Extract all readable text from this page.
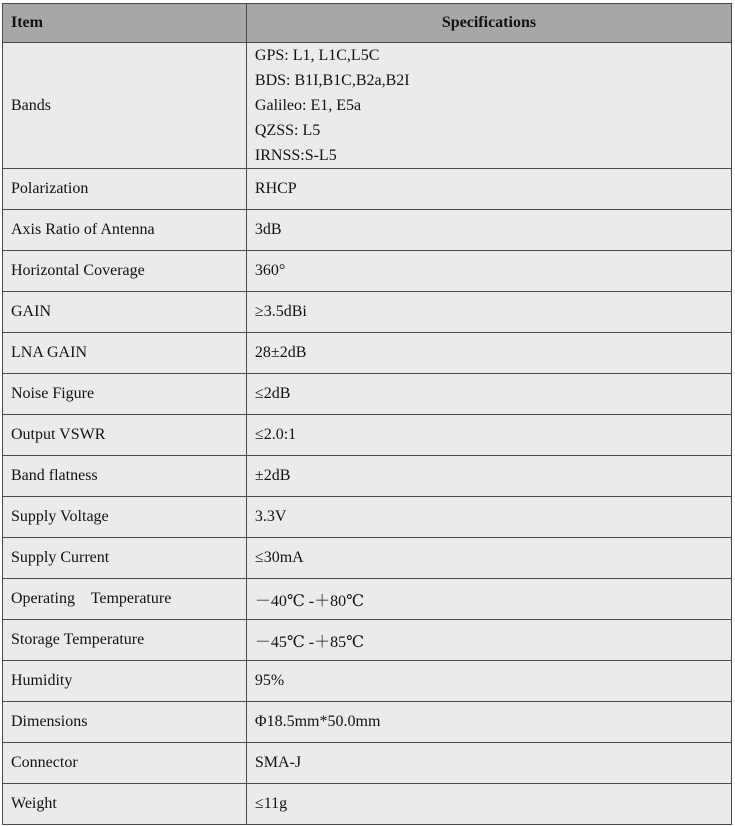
Item	Specifications
Bands	GPS: L1, L1C,L5C
BDS: B1I,B1C,B2a,B2I
Galileo: E1, E5a
QZSS: L5
IRNSS:S-L5

Polarization	RHCP
Axis Ratio of Antenna	3dB
Horizontal Coverage	360°
GAIN	≥3.5dBi
LNA GAIN	28±2dB
Noise Figure	≤2dB
Output VSWR	≤2.0:1
Band flatness	±2dB
Supply Voltage	3.3V
Supply Current	≤30mA
Operating    Temperature	－40℃ -＋80℃
Storage Temperature	－45℃ -＋85℃
Humidity	95%
Dimensions	Φ18.5mm*50.0mm
Connector	SMA-J
Weight	≤11g
